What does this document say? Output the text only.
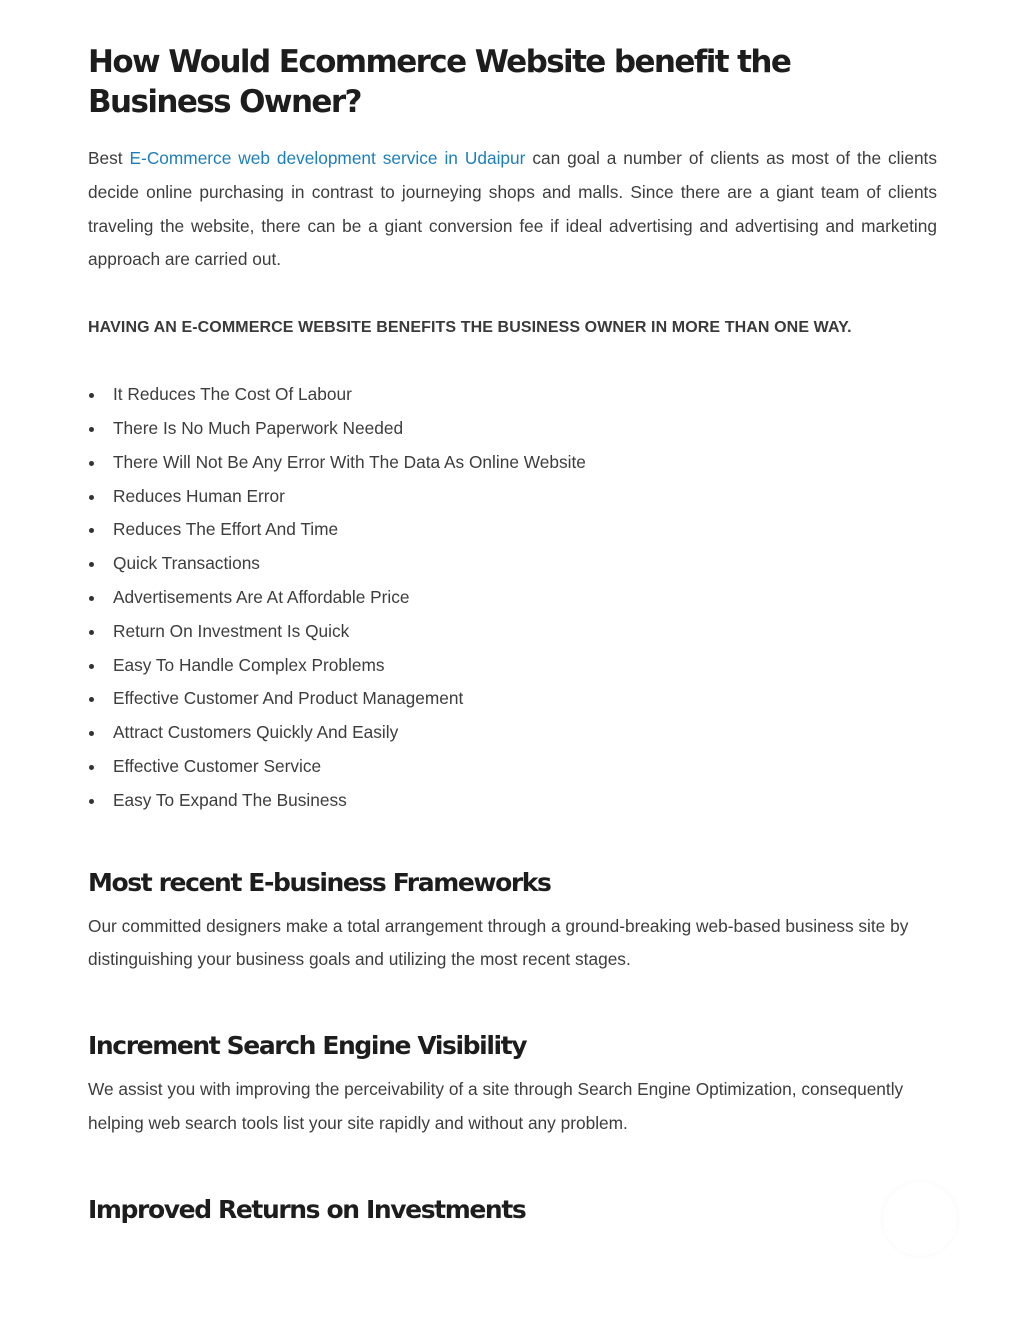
How Would Ecommerce Website benefit the Business Owner?

Best E-Commerce web development service in Udaipur can goal a number of clients as most of the clients decide online purchasing in contrast to journeying shops and malls. Since there are a giant team of clients traveling the website, there can be a giant conversion fee if ideal advertising and advertising and marketing approach are carried out.

HAVING AN E-COMMERCE WEBSITE BENEFITS THE BUSINESS OWNER IN MORE THAN ONE WAY.
It Reduces The Cost Of Labour
There Is No Much Paperwork Needed
There Will Not Be Any Error With The Data As Online Website
Reduces Human Error
Reduces The Effort And Time
Quick Transactions
Advertisements Are At Affordable Price
Return On Investment Is Quick
Easy To Handle Complex Problems
Effective Customer And Product Management
Attract Customers Quickly And Easily
Effective Customer Service
Easy To Expand The Business
Most recent E-business Frameworks

Our committed designers make a total arrangement through a ground-breaking web-based business site by distinguishing your business goals and utilizing the most recent stages.

Increment Search Engine Visibility

We assist you with improving the perceivability of a site through Search Engine Optimization, consequently helping web search tools list your site rapidly and without any problem.

Improved Returns on Investments
